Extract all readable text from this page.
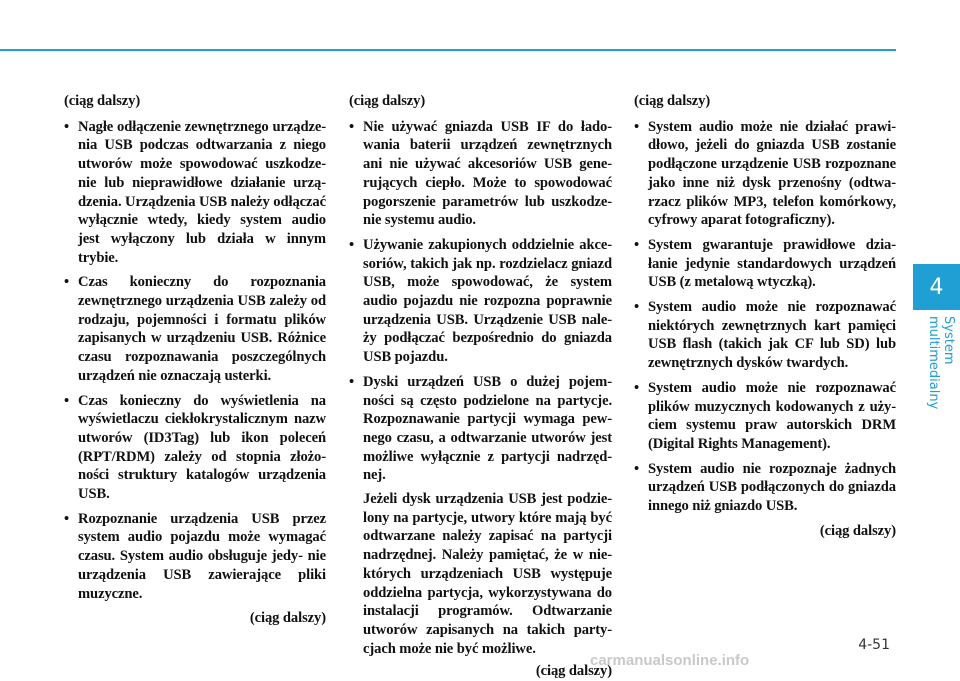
(ciąg dalszy)

• Nagłe odłączenie zewnętrznego urządze- nia USB podczas odtwarzania z niego utworów może spowodować uszkodze- nie lub nieprawidłowe działanie urzą- dzenia. Urządzenia USB należy odłączać wyłącznie wtedy, kiedy system audio jest wyłączony lub działa w innym trybie.
• Czas konieczny do rozpoznania zewnętrznego urządzenia USB zależy od rodzaju, pojemności i formatu plików zapisanych w urządzeniu USB. Różnice czasu rozpoznawania poszczególnych urządzeń nie oznaczają usterki.
• Czas konieczny do wyświetlenia na wyświetlaczu ciekłokrystalicznym nazw utworów (ID3Tag) lub ikon poleceń (RPT/RDM) zależy od stopnia złożo- ności struktury katalogów urządzenia USB.
• Rozpoznanie urządzenia USB przez system audio pojazdu może wymagać czasu. System audio obsługuje jedy- nie urządzenia USB zawierające pliki muzyczne.

(ciąg dalszy)

(ciąg dalszy)

• Nie używać gniazda USB IF do łado- wania baterii urządzeń zewnętrznych ani nie używać akcesoriów USB gene- rujących ciepło. Może to spowodować pogorszenie parametrów lub uszkodze- nie systemu audio.
• Używanie zakupionych oddzielnie akce- soriów, takich jak np. rozdzielacz gniazd USB, może spowodować, że system audio pojazdu nie rozpozna poprawnie urządzenia USB. Urządzenie USB nale- ży podłączać bezpośrednio do gniazda USB pojazdu.
• Dyski urządzeń USB o dużej pojem- ności są często podzielone na partycje. Rozpoznawanie partycji wymaga pew- nego czasu, a odtwarzanie utworów jest możliwe wyłącznie z partycji nadrzęd- nej.

Jeżeli dysk urządzenia USB jest podzie- lony na partycje, utwory które mają być odtwarzane należy zapisać na partycji nadrzędnej. Należy pamiętać, że w nie- których urządzeniach USB występuje oddzielna partycja, wykorzystywana do instalacji programów. Odtwarzanie utworów zapisanych na takich party- cjach może nie być możliwe.

(ciąg dalszy)

(ciąg dalszy)

• System audio może nie działać prawi- dłowo, jeżeli do gniazda USB zostanie podłączone urządzenie USB rozpoznane jako inne niż dysk przenośny (odtwa- rzacz plików MP3, telefon komórkowy, cyfrowy aparat fotograficzny).
• System gwarantuje prawidłowe dzia- łanie jedynie standardowych urządzeń USB (z metalową wtyczką).
• System audio może nie rozpoznawać niektórych zewnętrznych kart pamięci USB flash (takich jak CF lub SD) lub zewnętrznych dysków twardych.
• System audio może nie rozpoznawać plików muzycznych kodowanych z uży- ciem systemu praw autorskich DRM (Digital Rights Management).
• System audio nie rozpoznaje żadnych urządzeń USB podłączonych do gniazda innego niż gniazdo USB.

(ciąg dalszy)

4
System multimedialny
4-51
carmanualsonline.info
